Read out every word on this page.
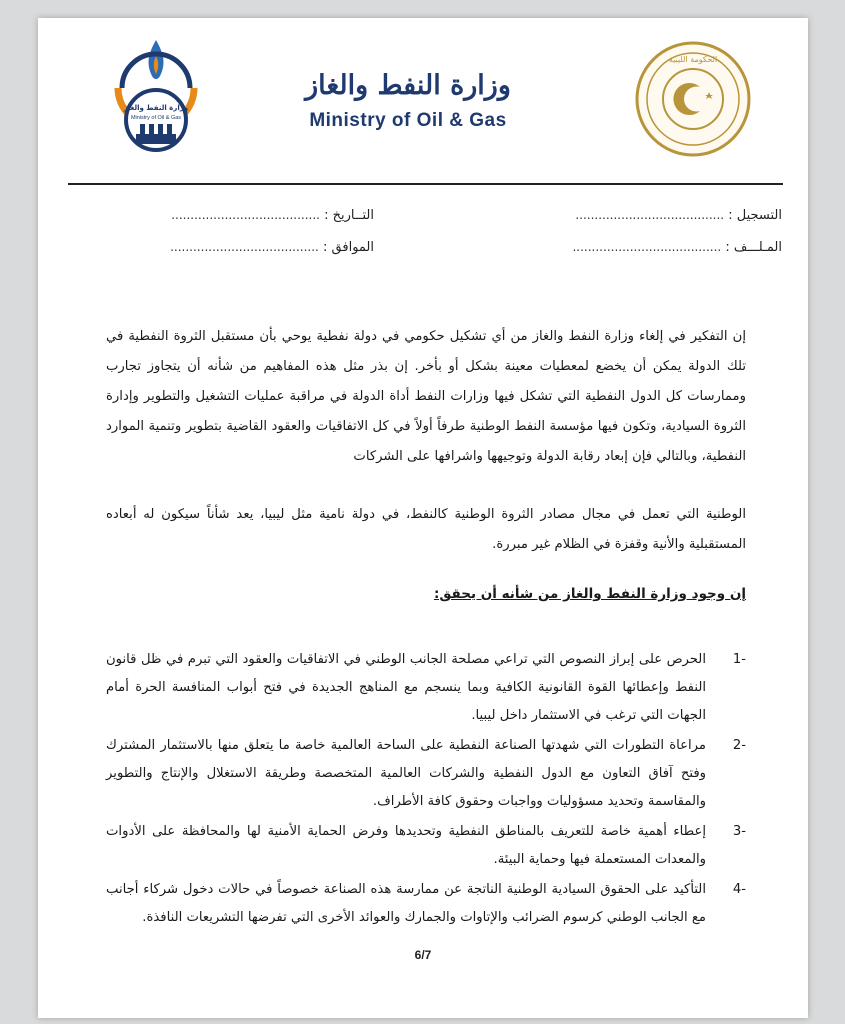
وزارة النفط والغاز
Ministry of Oil & Gas
وزارة النفط والغاز
Ministry of Oil & Gas
الحكومة الليبية
التسجيل : .......................................
المـلـــف : .......................................
التــاريخ : .......................................
الموافق : .......................................
إن التفكير في إلغاء وزارة النفط والغاز من أي تشكيل حكومي في دولة نفطية يوحي بأن مستقبل الثروة النفطية في تلك الدولة يمكن أن يخضع لمعطيات معينة بشكل أو بأخر. إن بذر مثل هذه المفاهيم من شأنه أن يتجاوز تجارب وممارسات كل الدول النفطية التي تشكل فيها وزارات النفط أداة الدولة في مراقبة عمليات التشغيل والتطوير وإدارة الثروة السيادية، وتكون فيها مؤسسة النفط الوطنية طرفاً أولاً في كل الاتفاقيات والعقود القاضية بتطوير وتنمية الموارد النفطية، وبالتالي فإن إبعاد رقابة الدولة وتوجيهها واشرافها على الشركات
الوطنية التي تعمل في مجال مصادر الثروة الوطنية كالنفط، في دولة نامية مثل ليبيا، يعد شأناً سيكون له أبعاده المستقبلية والأنية وقفزة في الظلام غير مبررة.
إن وجود وزارة النفط والغاز من شأنه أن يحقق:
-1
الحرص على إبراز النصوص التي تراعي مصلحة الجانب الوطني في الاتفاقيات والعقود التي تبرم في ظل قانون النفط وإعطائها القوة القانونية الكافية وبما ينسجم مع المناهج الجديدة في فتح أبواب المنافسة الحرة أمام الجهات التي ترغب في الاستثمار داخل ليبيا.
-2
مراعاة التطورات التي شهدتها الصناعة النفطية على الساحة العالمية خاصة ما يتعلق منها بالاستثمار المشترك وفتح آفاق التعاون مع الدول النفطية والشركات العالمية المتخصصة وطريقة الاستغلال والإنتاج والتطوير والمقاسمة وتحديد مسؤوليات وواجبات وحقوق كافة الأطراف.
-3
إعطاء أهمية خاصة للتعريف بالمناطق النفطية وتحديدها وفرض الحماية الأمنية لها والمحافظة على الأدوات والمعدات المستعملة فيها وحماية البيئة.
-4
التأكيد على الحقوق السيادية الوطنية الناتجة عن ممارسة هذه الصناعة خصوصاً في حالات دخول شركاء أجانب مع الجانب الوطني كرسوم الضرائب والإتاوات والجمارك والعوائد الأخرى التي تفرضها التشريعات النافذة.
6/7
